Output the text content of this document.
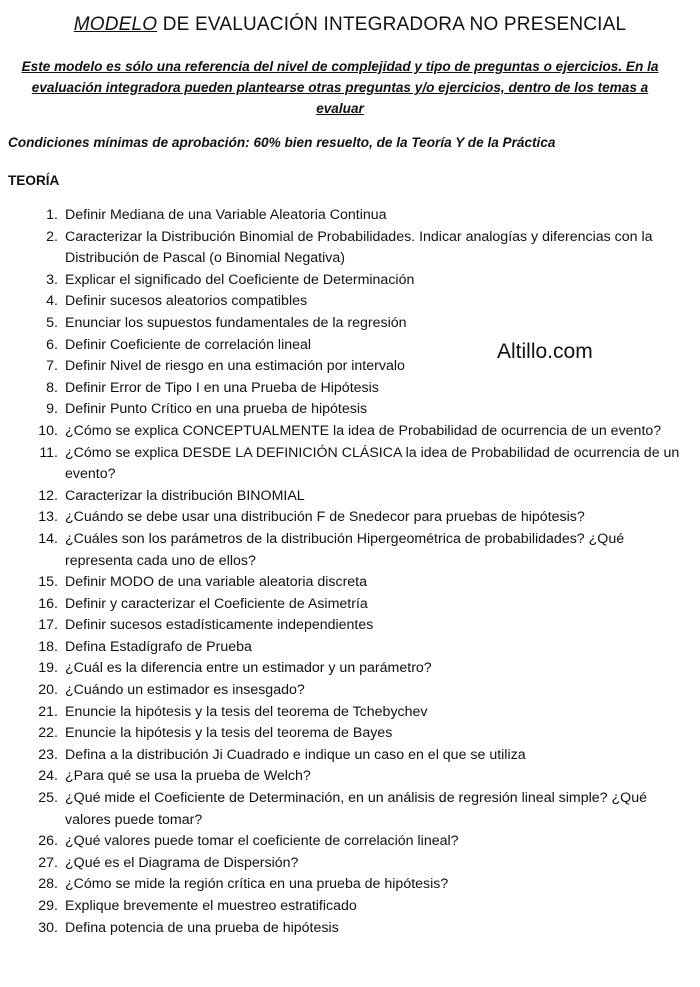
MODELO DE EVALUACIÓN INTEGRADORA NO PRESENCIAL
Este modelo es sólo una referencia del nivel de complejidad y tipo de preguntas o ejercicios. En la evaluación integradora pueden plantearse otras preguntas y/o ejercicios, dentro de los temas a evaluar
Condiciones mínimas de aprobación: 60% bien resuelto, de la Teoría Y de la Práctica
TEORÍA
Altillo.com
1. Definir Mediana de una Variable Aleatoria Continua
2. Caracterizar la Distribución Binomial de Probabilidades. Indicar analogías y diferencias con la Distribución de Pascal (o Binomial Negativa)
3. Explicar el significado del Coeficiente de Determinación
4. Definir sucesos aleatorios compatibles
5. Enunciar los supuestos fundamentales de la regresión
6. Definir Coeficiente de correlación lineal
7. Definir Nivel de riesgo en una estimación por intervalo
8. Definir Error de Tipo I en una Prueba de Hipótesis
9. Definir Punto Crítico en una prueba de hipótesis
10. ¿Cómo se explica CONCEPTUALMENTE la idea de Probabilidad de ocurrencia de un evento?
11. ¿Cómo se explica DESDE LA DEFINICIÓN CLÁSICA la idea de Probabilidad de ocurrencia de un evento?
12. Caracterizar la distribución BINOMIAL
13. ¿Cuándo se debe usar una distribución F de Snedecor para pruebas de hipótesis?
14. ¿Cuáles son los parámetros de la distribución Hipergeométrica de probabilidades? ¿Qué representa cada uno de ellos?
15. Definir MODO de una variable aleatoria discreta
16. Definir y caracterizar el Coeficiente de Asimetría
17. Definir sucesos estadísticamente independientes
18. Defina Estadígrafo de Prueba
19. ¿Cuál es la diferencia entre un estimador y un parámetro?
20. ¿Cuándo un estimador es insesgado?
21. Enuncie la hipótesis y la tesis del teorema de Tchebychev
22. Enuncie la hipótesis y la tesis del teorema de Bayes
23. Defina a la distribución Ji Cuadrado e indique un caso en el que se utiliza
24. ¿Para qué se usa la prueba de Welch?
25. ¿Qué mide el Coeficiente de Determinación, en un análisis de regresión lineal simple? ¿Qué valores puede tomar?
26. ¿Qué valores puede tomar el coeficiente de correlación lineal?
27. ¿Qué es el Diagrama de Dispersión?
28. ¿Cómo se mide la región crítica en una prueba de hipótesis?
29. Explique brevemente el muestreo estratificado
30. Defina potencia de una prueba de hipótesis
